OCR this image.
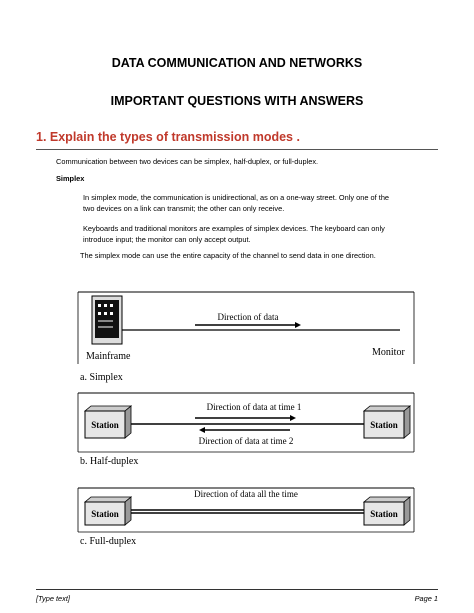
DATA COMMUNICATION AND NETWORKS
IMPORTANT QUESTIONS WITH ANSWERS
1. Explain the types of transmission modes .
Communication between two devices can be simplex, half-duplex, or full-duplex.
Simplex
In simplex mode, the communication is unidirectional, as on a one-way street. Only one of the
two devices on a link can transmit; the other can only receive.
Keyboards and traditional monitors are examples of simplex devices. The keyboard can only
introduce input; the monitor can only accept output.
The simplex mode can use the entire capacity of the channel to send data in one direction.
Direction of data
Mainframe	Monitor
a. Simplex
Station	Station
Direction of data at time 1
Direction of data at time 2
b. Half-duplex
Station	Station
Direction of data all the time
c. Full-duplex
[Type text]	Page 1
